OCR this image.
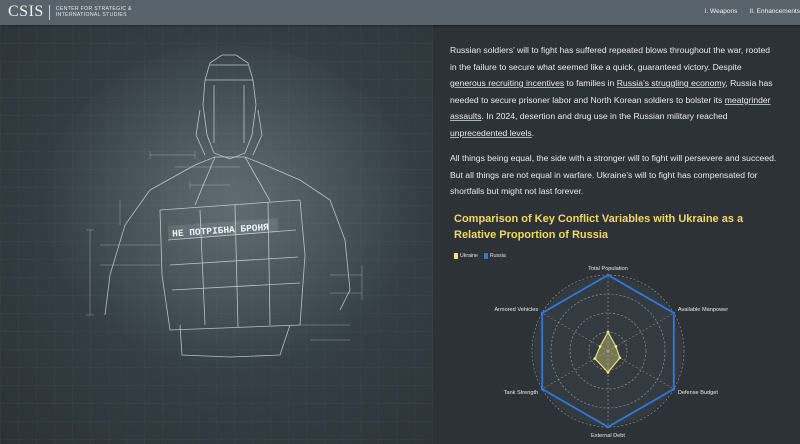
CSIS CENTER FOR STRATEGIC &
INTERNATIONAL STUDIES	I. Weapons II. Enhancements
НЕ ПОТРІБНА БРОНЯ

Russian soldiers’ will to fight has suffered repeated blows throughout the war, rooted in the failure to secure what seemed like a quick, guaranteed victory. Despite generous recruiting incentives to families in Russia’s struggling economy, Russia has needed to secure prisoner labor and North Korean soldiers to bolster its meatgrinder assaults. In 2024, desertion and drug use in the Russian military reached unprecedented levels.

All things being equal, the side with a stronger will to fight will persevere and succeed. But all things are not equal in warfare. Ukraine’s will to fight has compensated for shortfalls but might not last forever.

Comparison of Key Conflict Variables with Ukraine as a Relative Proportion of Russia
Ukraine	Russia
Total Population
Available Manpower
Defense Budget
External Debt
Tank Strength
Armored Vehicles
